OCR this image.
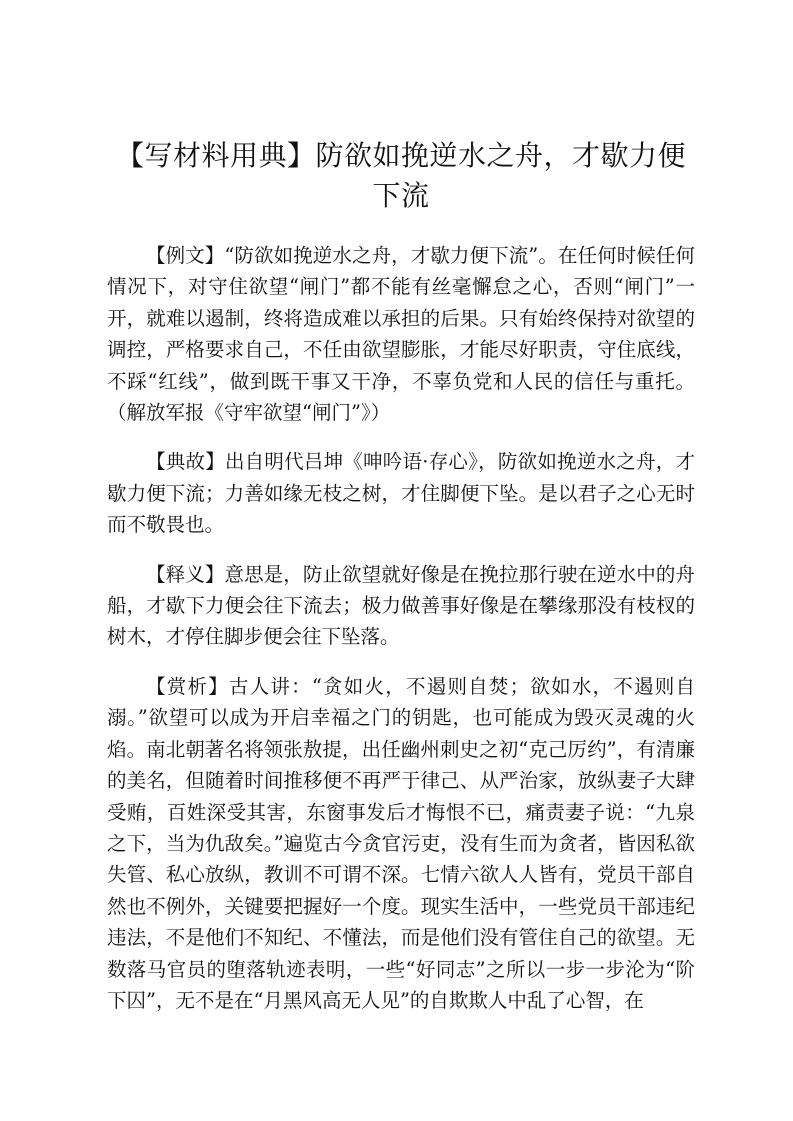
【写材料用典】防欲如挽逆水之舟，才歇力便下流

【例文】“防欲如挽逆水之舟，才歇力便下流”。在任何时候任何情况下，对守住欲望“闸门”都不能有丝毫懈怠之心，否则“闸门”一开，就难以遏制，终将造成难以承担的后果。只有始终保持对欲望的调控，严格要求自己，不任由欲望膨胀，才能尽好职责，守住底线，不踩“红线”，做到既干事又干净，不辜负党和人民的信任与重托。（解放军报《守牢欲望“闸门”》）

【典故】出自明代吕坤《呻吟语·存心》，防欲如挽逆水之舟，才歇力便下流；力善如缘无枝之树，才住脚便下坠。是以君子之心无时而不敬畏也。

【释义】意思是，防止欲望就好像是在挽拉那行驶在逆水中的舟船，才歇下力便会往下流去；极力做善事好像是在攀缘那没有枝杈的树木，才停住脚步便会往下坠落。

【赏析】古人讲：“贪如火，不遏则自焚；欲如水，不遏则自溺。”欲望可以成为开启幸福之门的钥匙，也可能成为毁灭灵魂的火焰。南北朝著名将领张敖提，出任幽州刺史之初“克己厉约”，有清廉的美名，但随着时间推移便不再严于律己、从严治家，放纵妻子大肆受贿，百姓深受其害，东窗事发后才悔恨不已，痛责妻子说：“九泉之下，当为仇敌矣。”遍览古今贪官污吏，没有生而为贪者，皆因私欲失管、私心放纵，教训不可谓不深。七情六欲人人皆有，党员干部自然也不例外，关键要把握好一个度。现实生活中，一些党员干部违纪违法，不是他们不知纪、不懂法，而是他们没有管住自己的欲望。无数落马官员的堕落轨迹表明，一些“好同志”之所以一步一步沦为“阶下囚”，无不是在“月黑风高无人见”的自欺欺人中乱了心智，在
